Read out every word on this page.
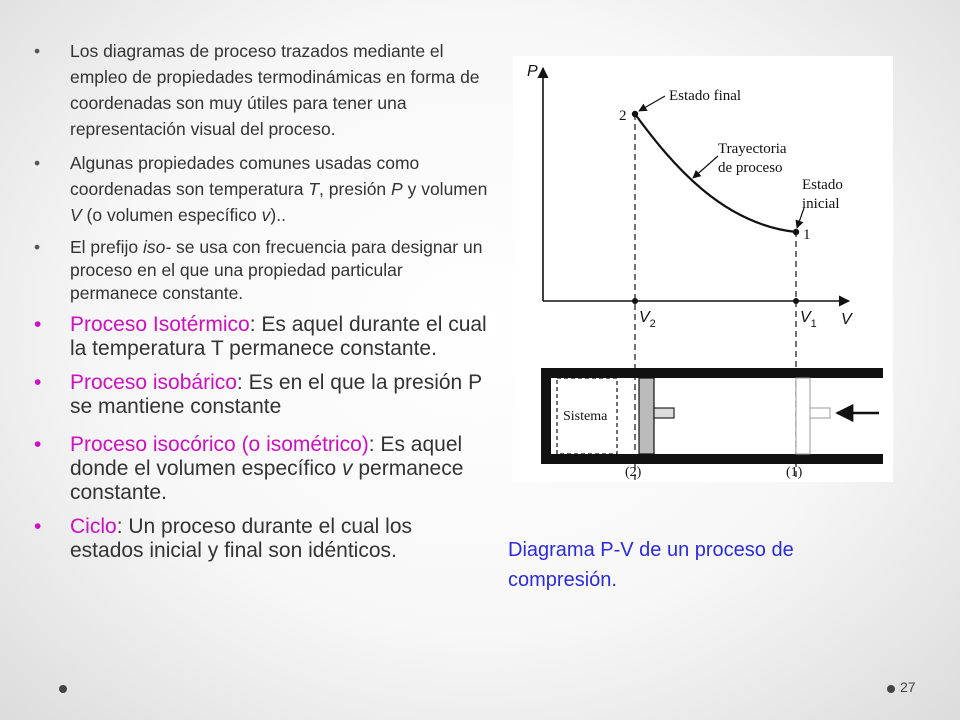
• Los diagramas de proceso trazados mediante el empleo de propiedades termodinámicas en forma de coordenadas son muy útiles para tener una representación visual del proceso.
• Algunas propiedades comunes usadas como coordenadas son temperatura T, presión P y volumen V (o volumen específico v)..
• El prefijo iso- se usa con frecuencia para designar un proceso en el que una propiedad particular permanece constante.
• Proceso Isotérmico: Es aquel durante el cual la temperatura T permanece constante.
• Proceso isobárico: Es en el que la presión P se mantiene constante
• Proceso isocórico (o isométrico): Es aquel donde el volumen específico v permanece constante.
• Ciclo: Un proceso durante el cual los estados inicial y final son idénticos.
P
V
2
1
Estado final
Trayectoria
de proceso
Estado
inicial
$V_2$	$V_1$
Sistema
(2)	(1)
Diagrama P-V de un proceso de compresión.
27
